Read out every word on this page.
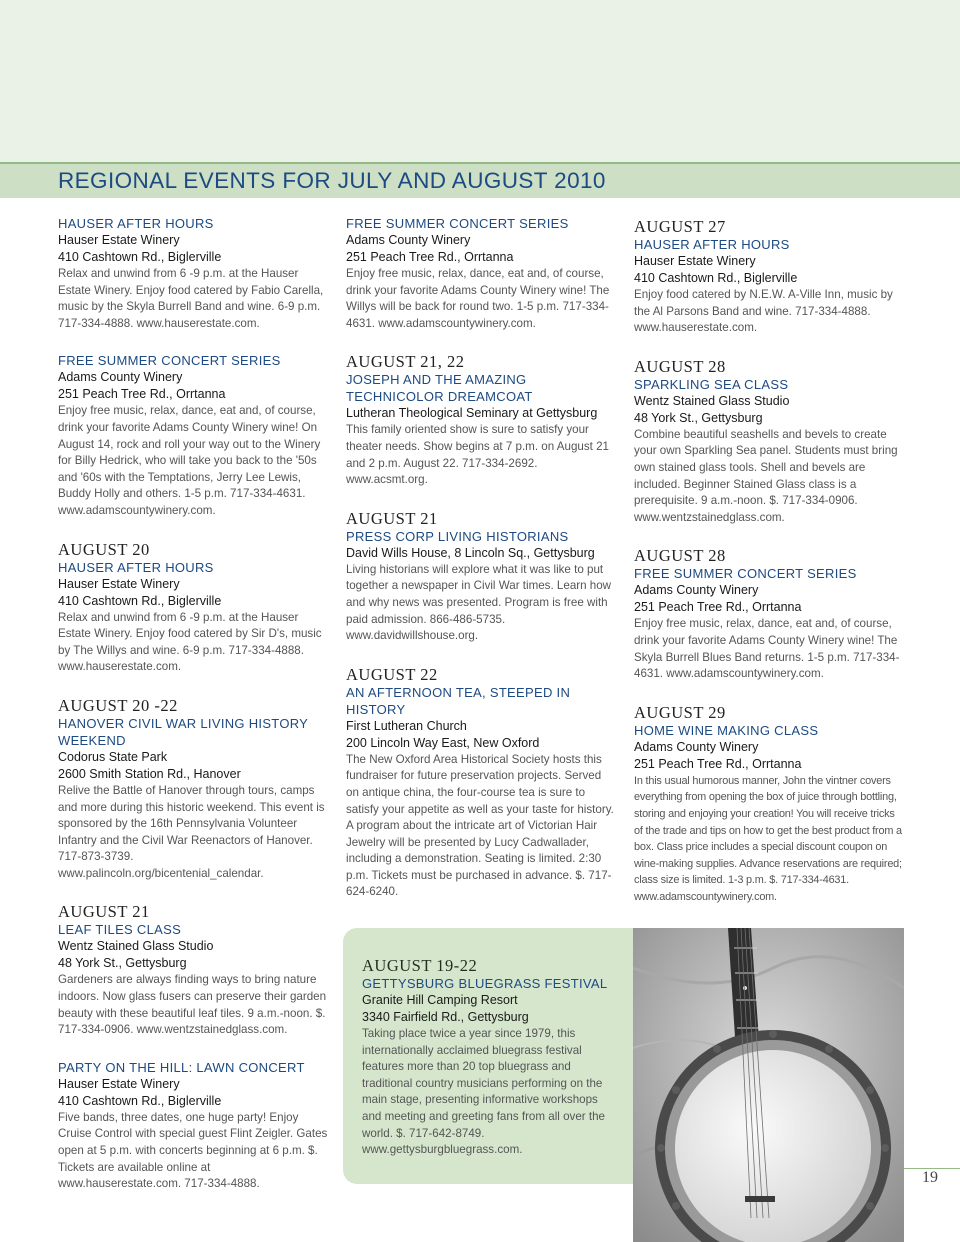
REGIONAL EVENTS FOR JULY AND AUGUST 2010
HAUSER AFTER HOURS
Hauser Estate Winery
410 Cashtown Rd., Biglerville
Relax and unwind from 6 -9 p.m. at the Hauser Estate Winery. Enjoy food catered by Fabio Carella, music by the Skyla Burrell Band and wine. 6-9 p.m. 717-334-4888. www.hauserestate.com.
FREE SUMMER CONCERT SERIES
Adams County Winery
251 Peach Tree Rd., Orrtanna
Enjoy free music, relax, dance, eat and, of course, drink your favorite Adams County Winery wine! On August 14, rock and roll your way out to the Winery for Billy Hedrick, who will take you back to the '50s and '60s with the Temptations, Jerry Lee Lewis, Buddy Holly and others. 1-5 p.m. 717-334-4631. www.adamscountywinery.com.
AUGUST 20
HAUSER AFTER HOURS
Hauser Estate Winery
410 Cashtown Rd., Biglerville
Relax and unwind from 6 -9 p.m. at the Hauser Estate Winery. Enjoy food catered by Sir D's, music by The Willys and wine. 6-9 p.m. 717-334-4888. www.hauserestate.com.
AUGUST 20 -22
HANOVER CIVIL WAR LIVING HISTORY WEEKEND
Codorus State Park
2600 Smith Station Rd., Hanover
Relive the Battle of Hanover through tours, camps and more during this historic weekend. This event is sponsored by the 16th Pennsylvania Volunteer Infantry and the Civil War Reenactors of Hanover. 717-873-3739. www.palincoln.org/bicentenial_calendar.
AUGUST 21
LEAF TILES CLASS
Wentz Stained Glass Studio
48 York St., Gettysburg
Gardeners are always finding ways to bring nature indoors. Now glass fusers can preserve their garden beauty with these beautiful leaf tiles. 9 a.m.-noon. $. 717-334-0906. www.wentzstainedglass.com.
PARTY ON THE HILL: LAWN CONCERT
Hauser Estate Winery
410 Cashtown Rd., Biglerville
Five bands, three dates, one huge party! Enjoy Cruise Control with special guest Flint Zeigler. Gates open at 5 p.m. with concerts beginning at 6 p.m. $. Tickets are available online at www.hauserestate.com. 717-334-4888.
FREE SUMMER CONCERT SERIES
Adams County Winery
251 Peach Tree Rd., Orrtanna
Enjoy free music, relax, dance, eat and, of course, drink your favorite Adams County Winery wine! The Willys will be back for round two. 1-5 p.m. 717-334-4631. www.adamscountywinery.com.
AUGUST 21, 22
JOSEPH AND THE AMAZING TECHNICOLOR DREAMCOAT
Lutheran Theological Seminary at Gettysburg
This family oriented show is sure to satisfy your theater needs. Show begins at 7 p.m. on August 21 and 2 p.m. August 22. 717-334-2692. www.acsmt.org.
AUGUST 21
PRESS CORP LIVING HISTORIANS
David Wills House, 8 Lincoln Sq., Gettysburg
Living historians will explore what it was like to put together a newspaper in Civil War times. Learn how and why news was presented. Program is free with paid admission. 866-486-5735. www.davidwillshouse.org.
AUGUST 22
AN AFTERNOON TEA, STEEPED IN HISTORY
First Lutheran Church
200 Lincoln Way East, New Oxford
The New Oxford Area Historical Society hosts this fundraiser for future preservation projects. Served on antique china, the four-course tea is sure to satisfy your appetite as well as your taste for history. A program about the intricate art of Victorian Hair Jewelry will be presented by Lucy Cadwallader, including a demonstration. Seating is limited. 2:30 p.m. Tickets must be purchased in advance. $. 717-624-6240.
AUGUST 27
HAUSER AFTER HOURS
Hauser Estate Winery
410 Cashtown Rd., Biglerville
Enjoy food catered by N.E.W. A-Ville Inn, music by the Al Parsons Band and wine. 717-334-4888. www.hauserestate.com.
AUGUST 28
SPARKLING SEA CLASS
Wentz Stained Glass Studio
48 York St., Gettysburg
Combine beautiful seashells and bevels to create your own Sparkling Sea panel. Students must bring own stained glass tools. Shell and bevels are included. Beginner Stained Glass class is a prerequisite. 9 a.m.-noon. $. 717-334-0906. www.wentzstainedglass.com.
AUGUST 28
FREE SUMMER CONCERT SERIES
Adams County Winery
251 Peach Tree Rd., Orrtanna
Enjoy free music, relax, dance, eat and, of course, drink your favorite Adams County Winery wine! The Skyla Burrell Blues Band returns. 1-5 p.m. 717-334-4631. www.adamscountywinery.com.
AUGUST 29
HOME WINE MAKING CLASS
Adams County Winery
251 Peach Tree Rd., Orrtanna
In this usual humorous manner, John the vintner covers everything from opening the box of juice through bottling, storing and enjoying your creation! You will receive tricks of the trade and tips on how to get the best product from a box. Class price includes a special discount coupon on wine-making supplies. Advance reservations are required; class size is limited. 1-3 p.m. $. 717-334-4631. www.adamscountywinery.com.
AUGUST 19-22
GETTYSBURG BLUEGRASS FESTIVAL
Granite Hill Camping Resort
3340 Fairfield Rd., Gettysburg
Taking place twice a year since 1979, this internationally acclaimed bluegrass festival features more than 20 top bluegrass and traditional country musicians performing on the main stage, presenting informative workshops and meeting and greeting fans from all over the world. $. 717-642-8749. www.gettysburgbluegrass.com.
19
